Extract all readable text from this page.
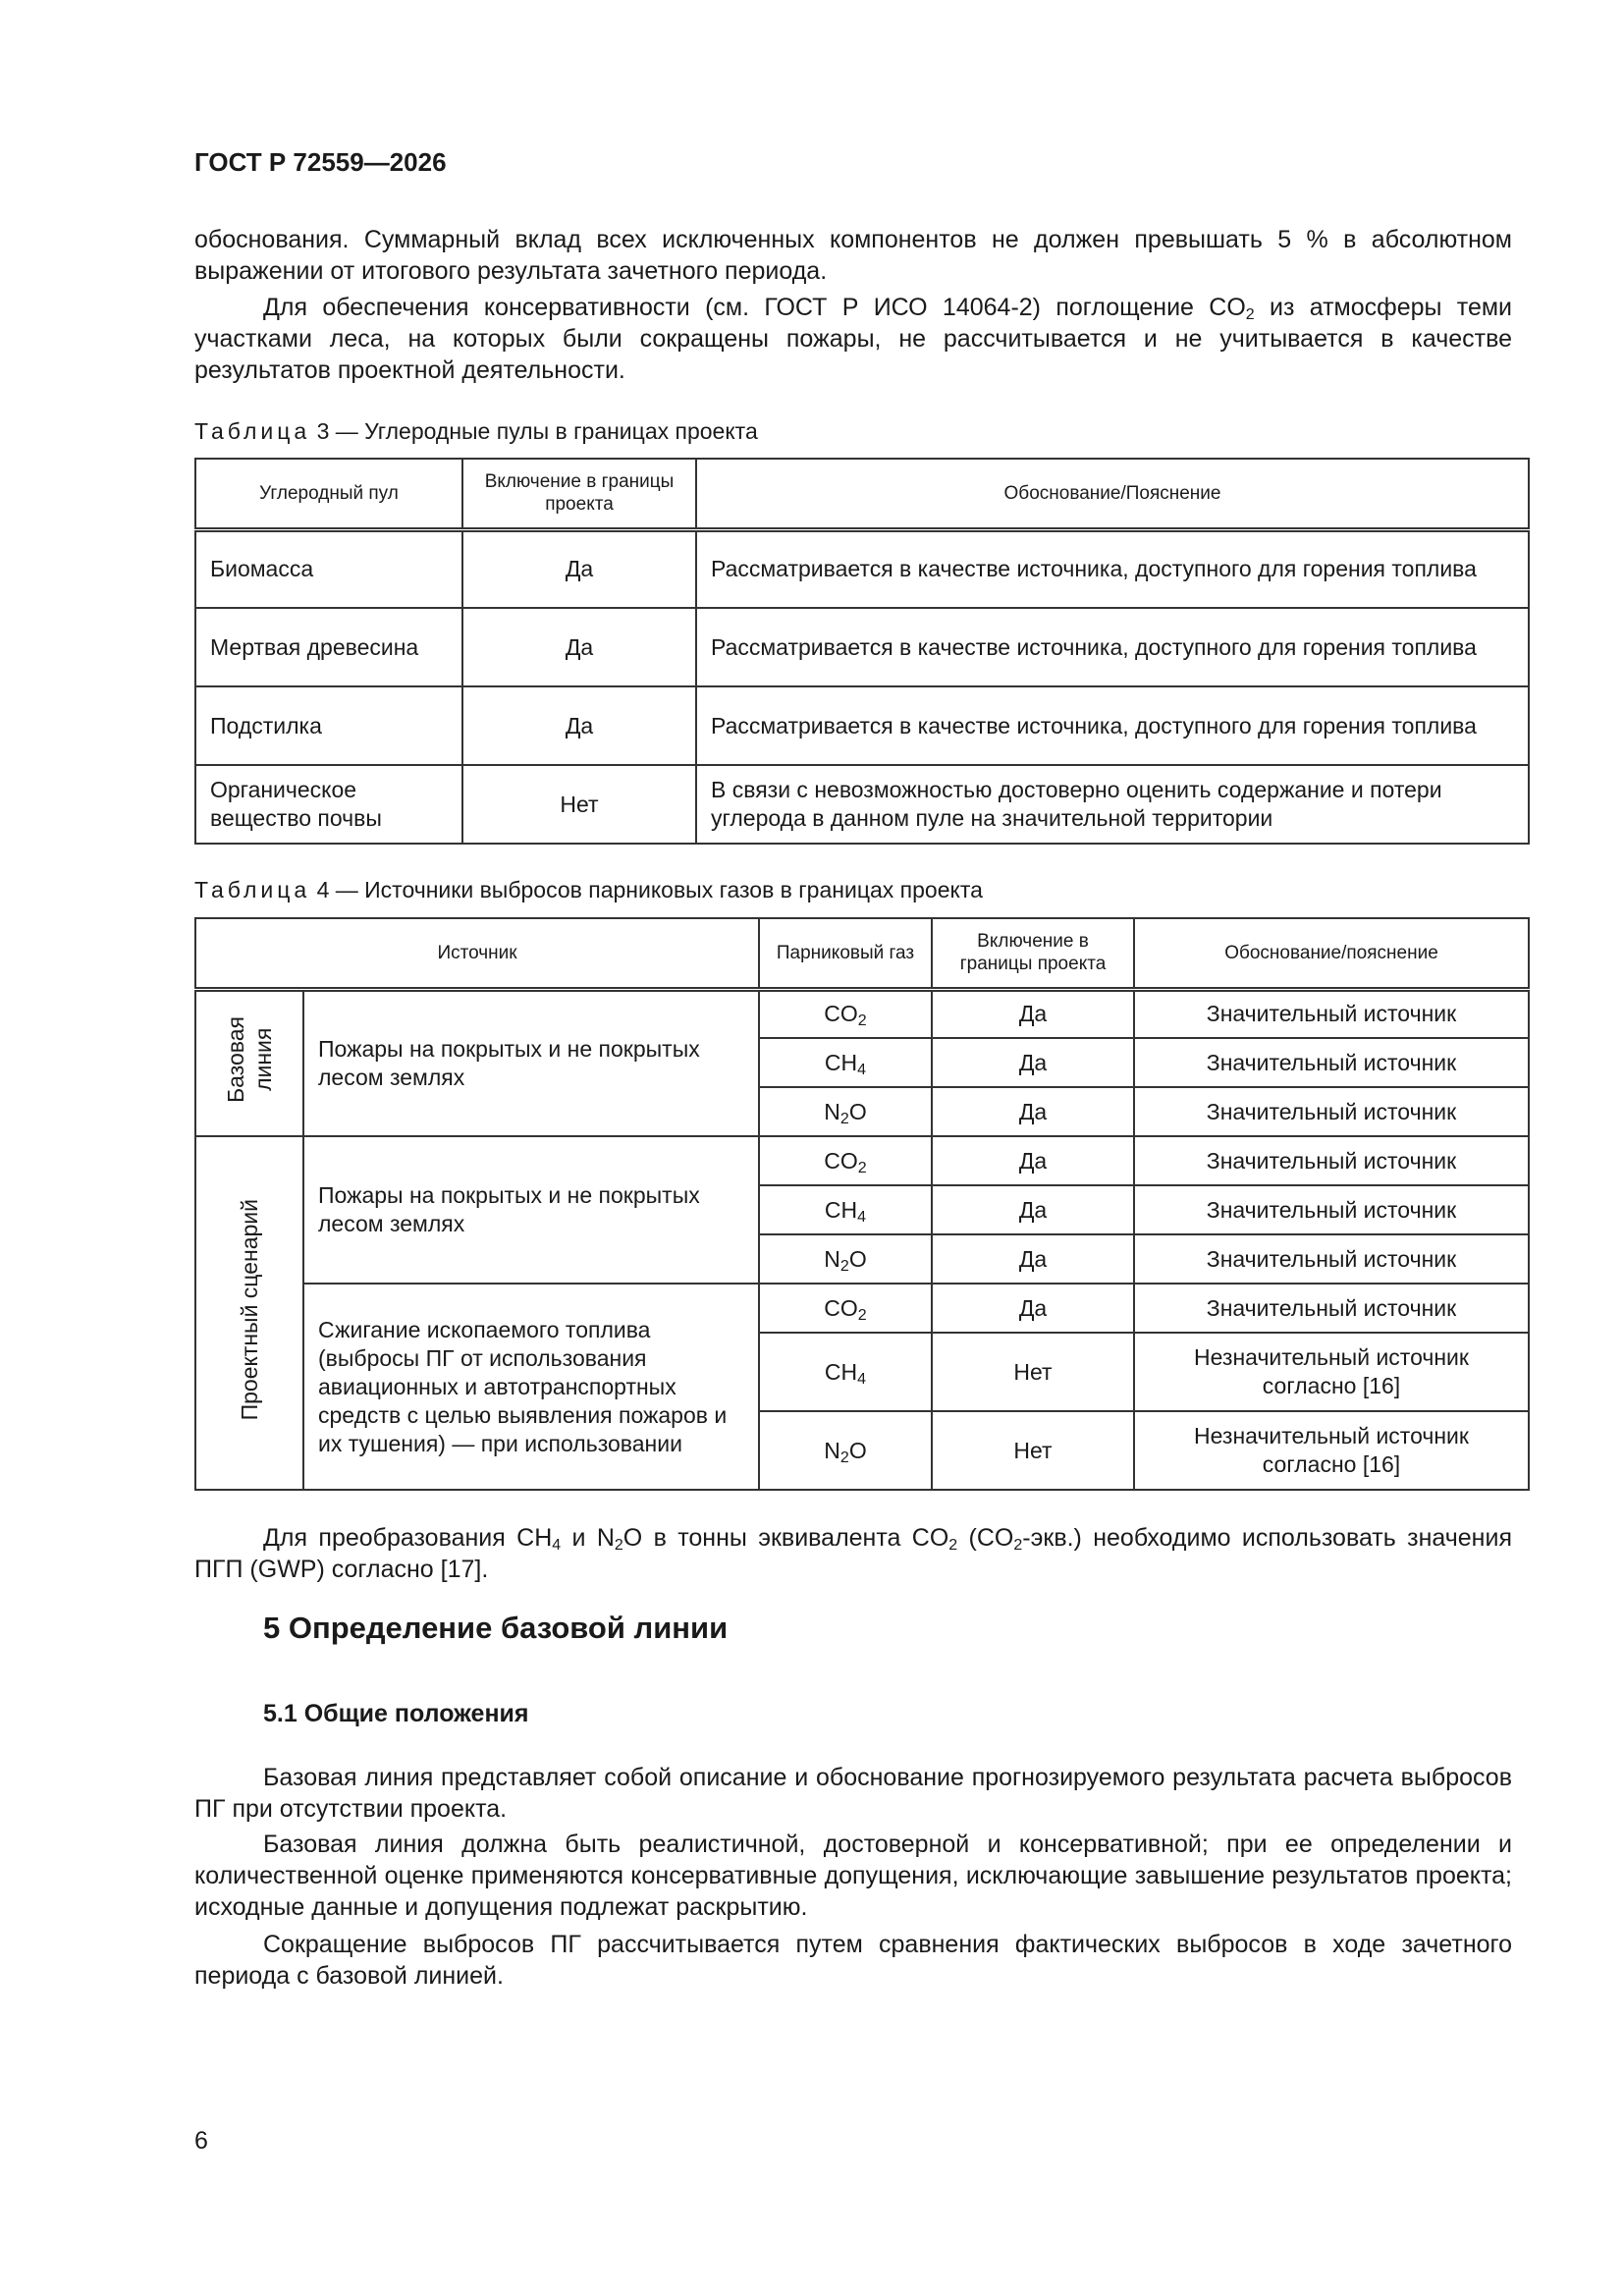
ГОСТ Р 72559—2026

обоснования. Суммарный вклад всех исключенных компонентов не должен превышать 5 % в абсолютном выражении от итогового результата зачетного периода.

Для обеспечения консервативности (см. ГОСТ Р ИСО 14064-2) поглощение $CO_2$ из атмосферы теми участками леса, на которых были сокращены пожары, не рассчитывается и не учитывается в качестве результатов проектной деятельности.

Таблица 3 — Углеродные пулы в границах проекта

Углеродный пул	Включение в границы проекта	Обоснование/Пояснение
Биомасса	Да	Рассматривается в качестве источника, доступного для горения топлива
Мертвая древесина	Да	Рассматривается в качестве источника, доступного для горения топлива
Подстилка	Да	Рассматривается в качестве источника, доступного для горения топлива
Органическое вещество почвы	Нет	В связи с невозможностью достоверно оценить содержание и потери углерода в данном пуле на значительной территории

Таблица 4 — Источники выбросов парниковых газов в границах проекта

Источник		Парниковый газ	Включение в границы проекта	Обоснование/пояснение
Базовая
линия	Пожары на покрытых и не покрытых лесом землях	$CO_2$	Да	Значительный источник
		$CH_4$	Да	Значительный источник
		$N_2O$	Да	Значительный источник
Проектный сценарий	Пожары на покрытых и не покрытых лесом землях	$CO_2$	Да	Значительный источник
		$CH_4$	Да	Значительный источник
		$N_2O$	Да	Значительный источник
	Сжигание ископаемого топлива (выбросы ПГ от использования авиационных и автотранспортных средств с целью выявления пожаров и их тушения) — при использовании	$CO_2$	Да	Значительный источник
		$CH_4$	Нет	Незначительный источник согласно [16]
		$N_2O$	Нет	Незначительный источник согласно [16]

Для преобразования $CH_4$ и $N_2O$ в тонны эквивалента $CO_2$ $(CO_2-экв.)$ необходимо использовать значения ПГП (GWP) согласно [17].

5 Определение базовой линии

5.1 Общие положения

Базовая линия представляет собой описание и обоснование прогнозируемого результата расчета выбросов ПГ при отсутствии проекта.

Базовая линия должна быть реалистичной, достоверной и консервативной; при ее определении и количественной оценке применяются консервативные допущения, исключающие завышение результатов проекта; исходные данные и допущения подлежат раскрытию.

Сокращение выбросов ПГ рассчитывается путем сравнения фактических выбросов в ходе зачетного периода с базовой линией.

6
